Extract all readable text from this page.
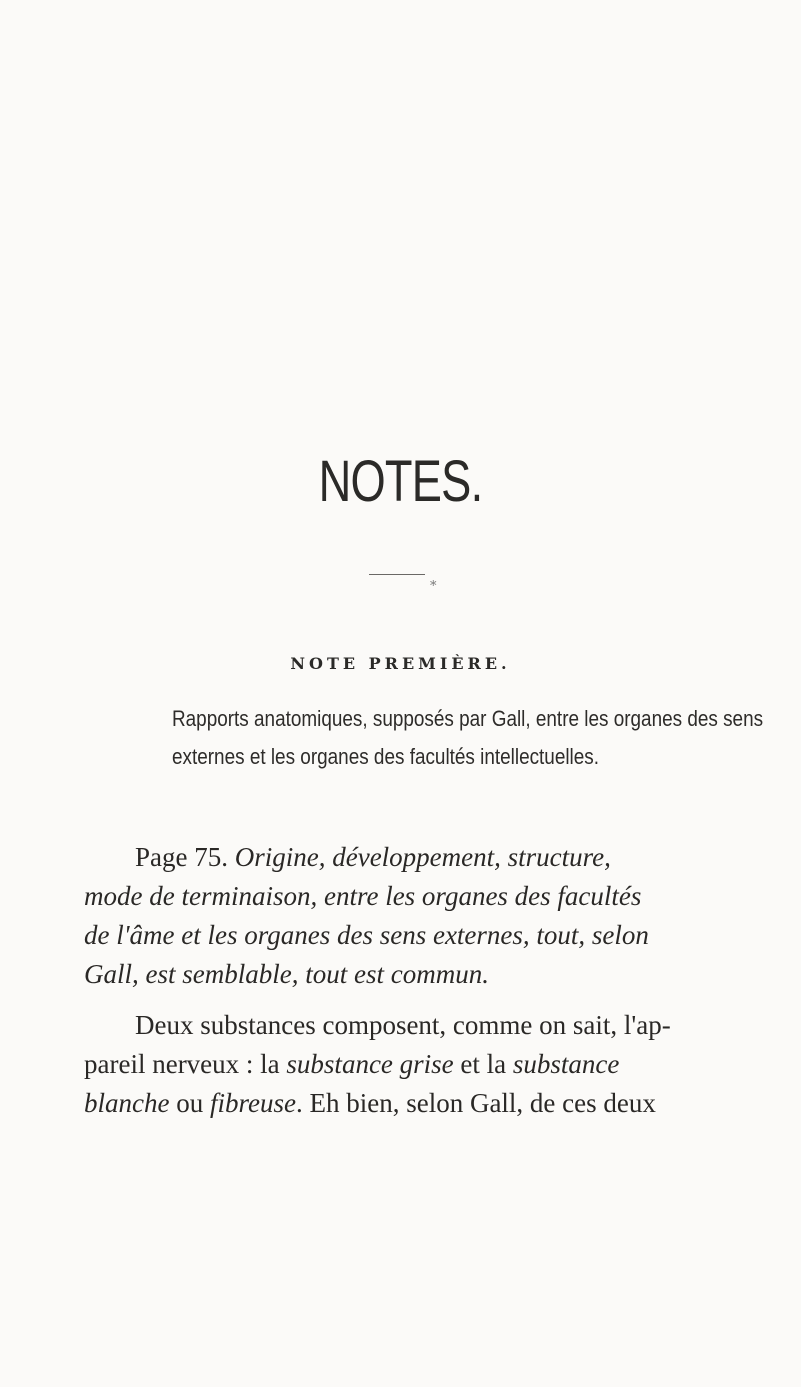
NOTES.
*
NOTE PREMIÈRE.
Rapports anatomiques, supposés par Gall, entre les organes des sens
externes et les organes des facultés intellectuelles.
Page 75. Origine, développement, structure,
mode de terminaison, entre les organes des facultés
de l'âme et les organes des sens externes, tout, selon
Gall, est semblable, tout est commun.
Deux substances composent, comme on sait, l'ap-
pareil nerveux : la substance grise et la substance
blanche ou fibreuse. Eh bien, selon Gall, de ces deux
